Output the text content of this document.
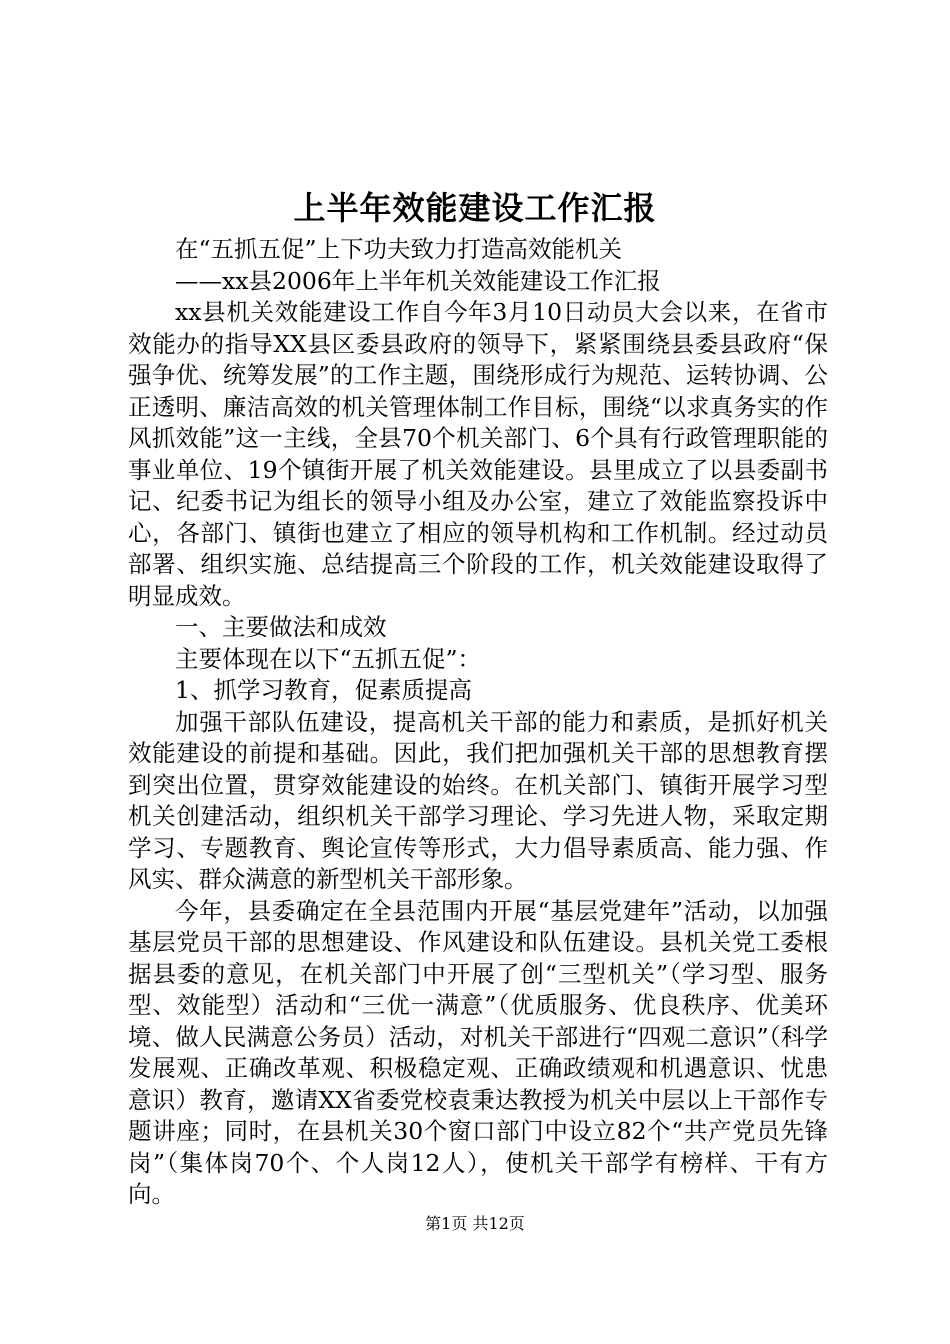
上半年效能建设工作汇报

在“五抓五促”上下功夫致力打造高效能机关

——xx县2006年上半年机关效能建设工作汇报

xx县机关效能建设工作自今年3月10日动员大会以来，在省市效能办的指导XX县区委县政府的领导下，紧紧围绕县委县政府“保强争优、统筹发展”的工作主题，围绕形成行为规范、运转协调、公正透明、廉洁高效的机关管理体制工作目标，围绕“以求真务实的作风抓效能”这一主线，全县70个机关部门、6个具有行政管理职能的事业单位、19个镇街开展了机关效能建设。县里成立了以县委副书记、纪委书记为组长的领导小组及办公室，建立了效能监察投诉中心，各部门、镇街也建立了相应的领导机构和工作机制。经过动员部署、组织实施、总结提高三个阶段的工作，机关效能建设取得了明显成效。

一、主要做法和成效

主要体现在以下“五抓五促”：

1、抓学习教育，促素质提高

加强干部队伍建设，提高机关干部的能力和素质，是抓好机关效能建设的前提和基础。因此，我们把加强机关干部的思想教育摆到突出位置，贯穿效能建设的始终。在机关部门、镇街开展学习型机关创建活动，组织机关干部学习理论、学习先进人物，采取定期学习、专题教育、舆论宣传等形式，大力倡导素质高、能力强、作风实、群众满意的新型机关干部形象。

今年，县委确定在全县范围内开展“基层党建年”活动，以加强基层党员干部的思想建设、作风建设和队伍建设。县机关党工委根据县委的意见，在机关部门中开展了创“三型机关”（学习型、服务型、效能型）活动和“三优一满意”（优质服务、优良秩序、优美环境、做人民满意公务员）活动，对机关干部进行“四观二意识”（科学发展观、正确改革观、积极稳定观、正确政绩观和机遇意识、忧患意识）教育，邀请XX省委党校袁秉达教授为机关中层以上干部作专题讲座；同时，在县机关30个窗口部门中设立82个“共产党员先锋岗”（集体岗70个、个人岗12人），使机关干部学有榜样、干有方向。

第1页 共12页
